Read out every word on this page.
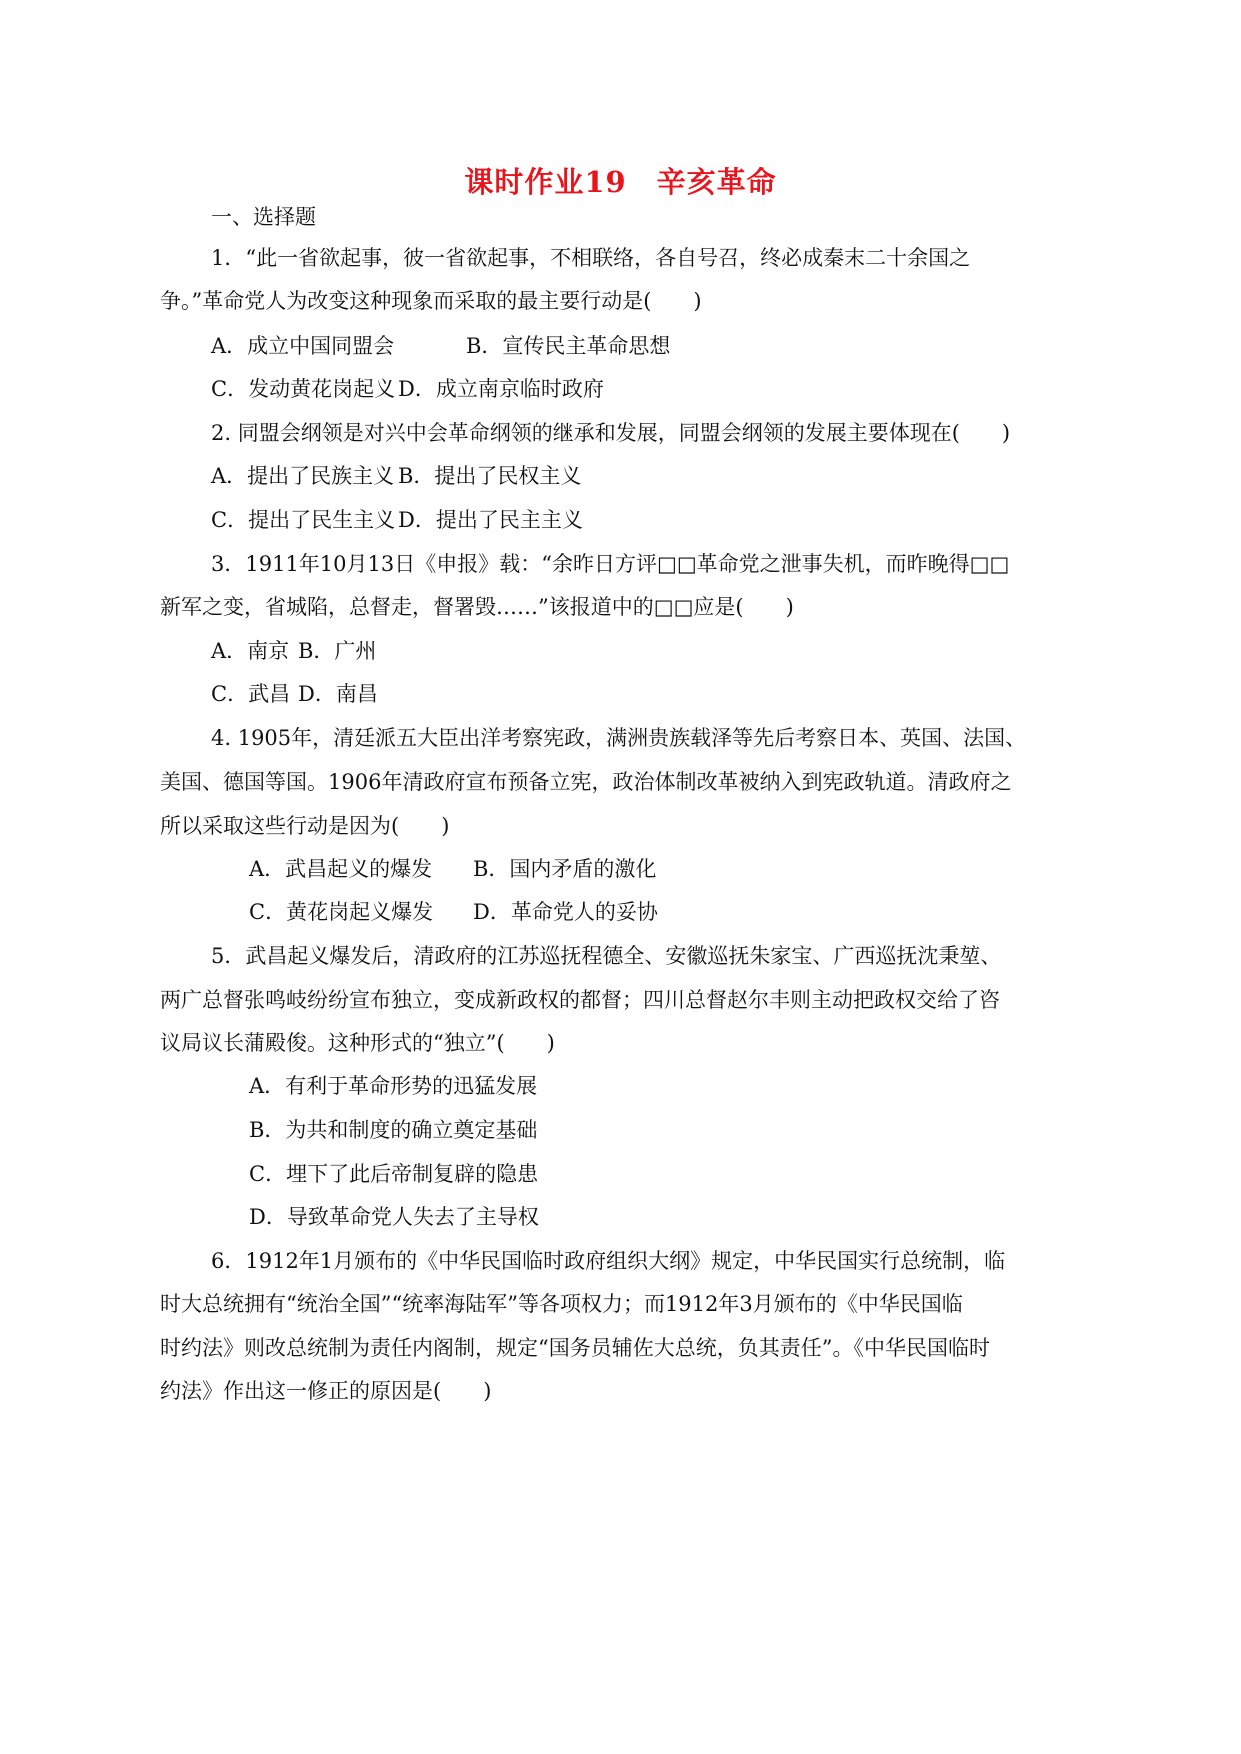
课时作业19　辛亥革命
一、选择题
1．“此一省欲起事，彼一省欲起事，不相联络，各自号召，终必成秦末二十余国之
争。”革命党人为改变这种现象而采取的最主要行动是(　　)
A．成立中国同盟会	B．宣传民主革命思想
C．发动黄花岗起义 D．成立南京临时政府
2. 同盟会纲领是对兴中会革命纲领的继承和发展，同盟会纲领的发展主要体现在(　　)
A．提出了民族主义 B．提出了民权主义
C．提出了民生主义 D．提出了民主主义
3．1911年10月13日《申报》载：“余昨日方评□□革命党之泄事失机，而昨晚得□□
新军之变，省城陷，总督走，督署毁……”该报道中的□□应是(　　)
A．南京 B．广州
C．武昌 D．南昌
4. 1905年，清廷派五大臣出洋考察宪政，满洲贵族载泽等先后考察日本、英国、法国、
美国、德国等国。1906年清政府宣布预备立宪，政治体制改革被纳入到宪政轨道。清政府之
所以采取这些行动是因为(　　)
A．武昌起义的爆发 B．国内矛盾的激化
C．黄花岗起义爆发 D．革命党人的妥协
5．武昌起义爆发后，清政府的江苏巡抚程德全、安徽巡抚朱家宝、广西巡抚沈秉堃、
两广总督张鸣岐纷纷宣布独立，变成新政权的都督；四川总督赵尔丰则主动把政权交给了咨
议局议长蒲殿俊。这种形式的“独立”(　　)
A．有利于革命形势的迅猛发展
B．为共和制度的确立奠定基础
C．埋下了此后帝制复辟的隐患
D．导致革命党人失去了主导权
6．1912年1月颁布的《中华民国临时政府组织大纲》规定，中华民国实行总统制，临
时大总统拥有“统治全国”“统率海陆军”等各项权力；而1912年3月颁布的《中华民国临
时约法》则改总统制为责任内阁制，规定“国务员辅佐大总统，负其责任”。《中华民国临时
约法》作出这一修正的原因是(　　)
